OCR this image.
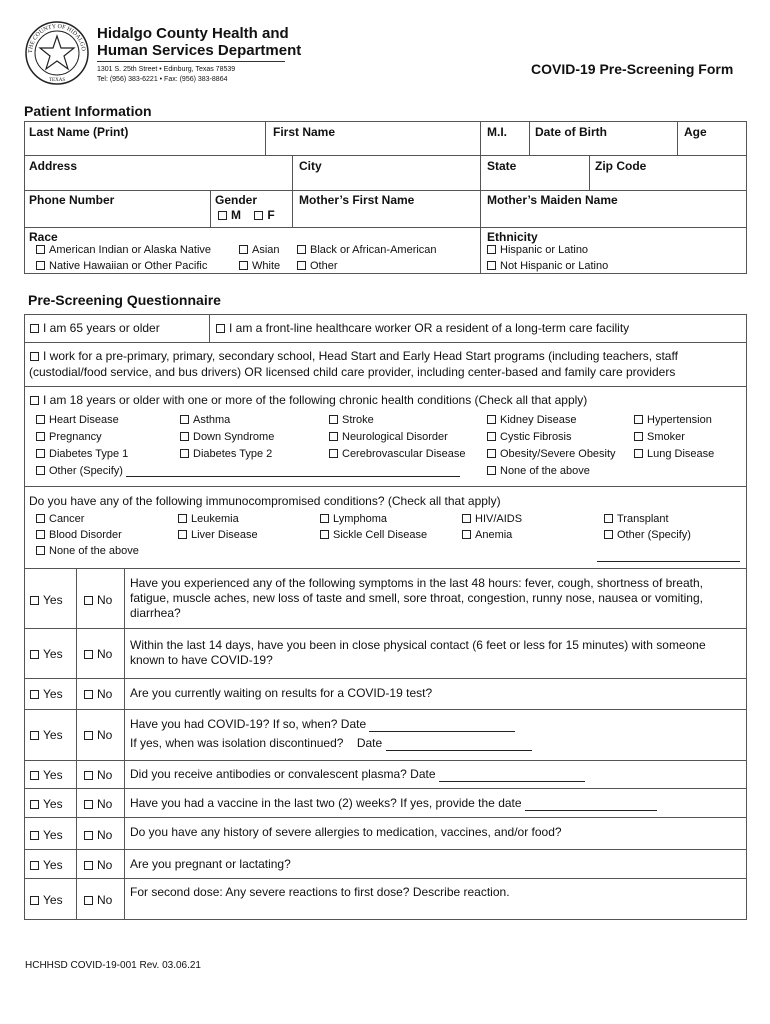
THE COUNTY OF HIDALGO
TEXAS
Hidalgo County Health and
Human Services Department
1301 S. 25th Street • Edinburg, Texas 78539
Tel: (956) 383-6221 • Fax: (956) 383-8864
COVID-19 Pre-Screening Form
Patient Information
Last Name (Print)	First Name	M.I. Date of Birth	Age
Address	City	State	Zip Code
Phone Number	Gender
M F
Mother’s First Name	Mother’s Maiden Name
Race
American Indian or Alaska Native	Asian	Black or African-American
Native Hawaiian or Other Pacific	White	Other
Ethnicity
Hispanic or Latino
Not Hispanic or Latino
Pre-Screening Questionnaire
I am 65 years or older	I am a front-line healthcare worker OR a resident of a long-term care facility
I work for a pre-primary, primary, secondary school, Head Start and Early Head Start programs (including teachers, staff
(custodial/food service, and bus drivers) OR licensed child care provider, including center-based and family care providers
I am 18 years or older with one or more of the following chronic health conditions (Check all that apply)
Heart Disease	Asthma	Stroke	Kidney Disease	Hypertension
Pregnancy	Down Syndrome	Neurological Disorder	Cystic Fibrosis	Smoker
Diabetes Type 1	Diabetes Type 2	Cerebrovascular Disease	Obesity/Severe Obesity	Lung Disease
Other (Specify)	None of the above
Do you have any of the following immunocompromised conditions? (Check all that apply)
Cancer	Leukemia	Lymphoma	HIV/AIDS	Transplant
Blood Disorder	Liver Disease	Sickle Cell Disease	Anemia	Other (Specify)
None of the above
Yes	No
Have you experienced any of the following symptoms in the last 48 hours: fever, cough, shortness of breath,
fatigue, muscle aches, new loss of taste and smell, sore throat, congestion, runny nose, nausea or vomiting,
diarrhea?
Yes	No
Within the last 14 days, have you been in close physical contact (6 feet or less for 15 minutes) with someone
known to have COVID-19?
Yes	No Are you currently waiting on results for a COVID-19 test?
Yes	No
Have you had COVID-19? If so, when? Date
If yes, when was isolation discontinued? Date
Yes	No Did you receive antibodies or convalescent plasma? Date
Yes	No Have you had a vaccine in the last two (2) weeks? If yes, provide the date
Yes	No Do you have any history of severe allergies to medication, vaccines, and/or food?
Yes	No Are you pregnant or lactating?
Yes	No
For second dose: Any severe reactions to first dose? Describe reaction.
HCHHSD COVID-19-001 Rev. 03.06.21
